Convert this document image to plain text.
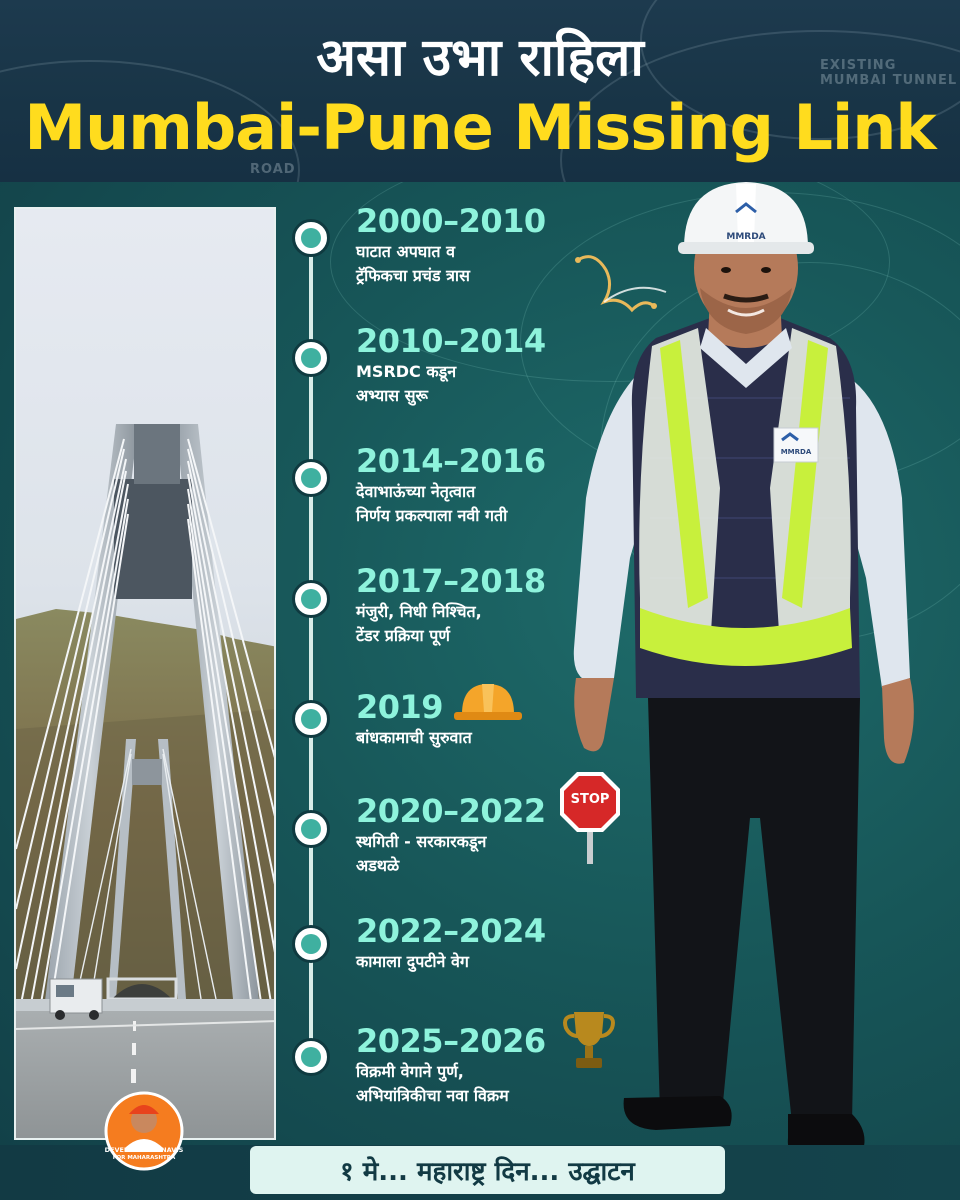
EXISTING MUMBAI TUNNEL
ROAD
असा उभा राहिला
Mumbai-Pune Missing Link
2000–2010
घाटात अपघात व
ट्रॅफिकचा प्रचंड त्रास
2010–2014
MSRDC कडून
अभ्यास सुरू
2014–2016
देवाभाऊंच्या नेतृत्वात
निर्णय प्रकल्पाला नवी गती
2017–2018
मंजुरी, निधी निश्चित,
टेंडर प्रक्रिया पूर्ण
2019
बांधकामाची सुरुवात
2020–2022
स्थगिती - सरकारकडून
अडथळे
2022–2024
कामाला दुपटीने वेग
2025–2026
विक्रमी वेगाने पुर्ण,
अभियांत्रिकीचा नवा विक्रम
STOP
MMRDA
MMRDA
१ मे... महाराष्ट्र दिन... उद्घाटन
DEVENDRA FADNAVIS
FOR MAHARASHTRA
